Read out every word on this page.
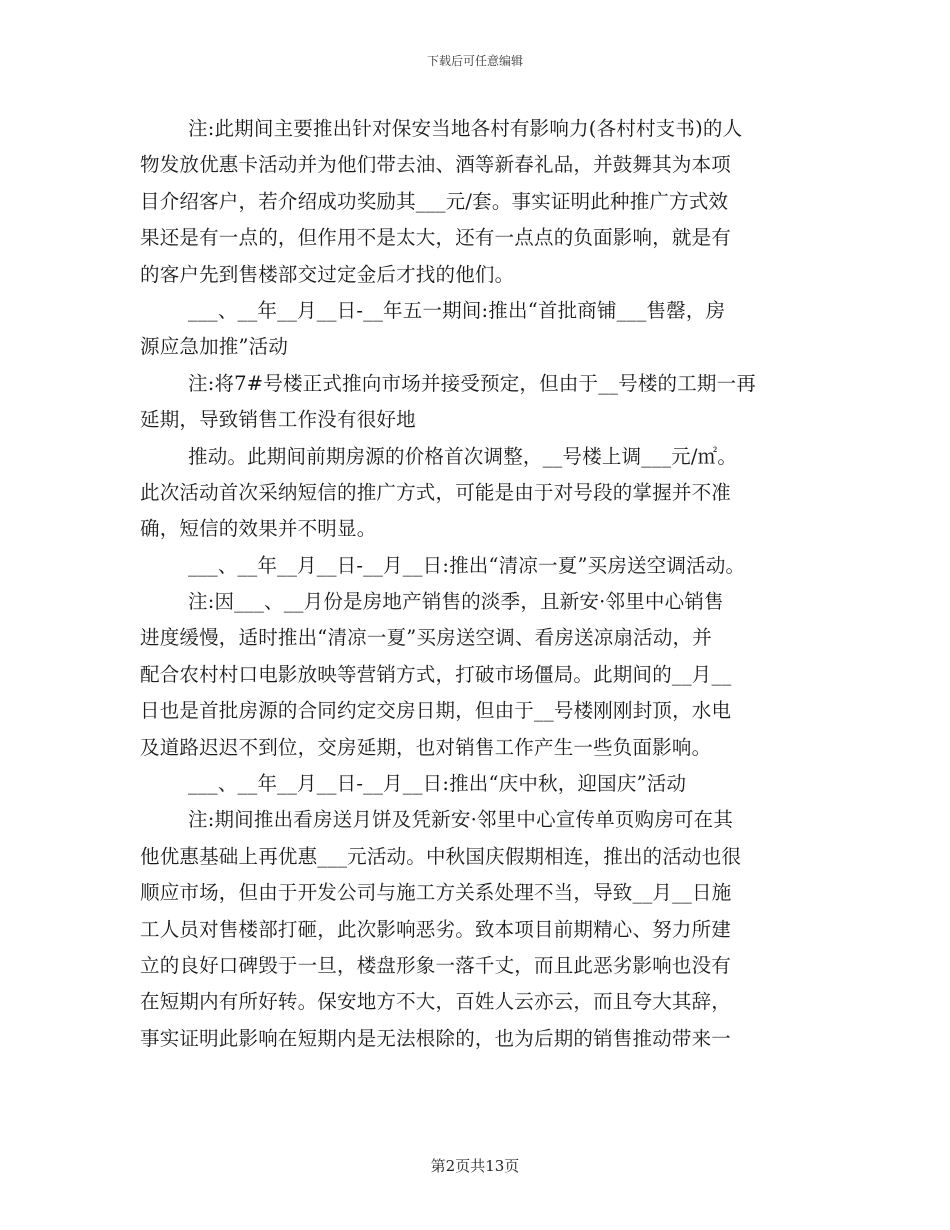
下载后可任意编辑
注:此期间主要推出针对保安当地各村有影响力(各村村支书)的人
物发放优惠卡活动并为他们带去油、酒等新春礼品，并鼓舞其为本项
目介绍客户，若介绍成功奖励其___元/套。事实证明此种推广方式效
果还是有一点的，但作用不是太大，还有一点点的负面影响，就是有
的客户先到售楼部交过定金后才找的他们。
___、__年__月__日-__年五一期间:推出“首批商铺___售罄，房
源应急加推”活动
注:将7#号楼正式推向市场并接受预定，但由于__号楼的工期一再
延期，导致销售工作没有很好地
推动。此期间前期房源的价格首次调整，__号楼上调___元/㎡。
此次活动首次采纳短信的推广方式，可能是由于对号段的掌握并不准
确，短信的效果并不明显。
___、__年__月__日-__月__日:推出“清凉一夏”买房送空调活动。
注:因___、__月份是房地产销售的淡季，且新安·邻里中心销售
进度缓慢，适时推出“清凉一夏”买房送空调、看房送凉扇活动，并
配合农村村口电影放映等营销方式，打破市场僵局。此期间的__月__
日也是首批房源的合同约定交房日期，但由于__号楼刚刚封顶，水电
及道路迟迟不到位，交房延期，也对销售工作产生一些负面影响。
___、__年__月__日-__月__日:推出“庆中秋，迎国庆”活动
注:期间推出看房送月饼及凭新安·邻里中心宣传单页购房可在其
他优惠基础上再优惠___元活动。中秋国庆假期相连，推出的活动也很
顺应市场，但由于开发公司与施工方关系处理不当，导致__月__日施
工人员对售楼部打砸，此次影响恶劣。致本项目前期精心、努力所建
立的良好口碑毁于一旦，楼盘形象一落千丈，而且此恶劣影响也没有
在短期内有所好转。保安地方不大，百姓人云亦云，而且夸大其辞，
事实证明此影响在短期内是无法根除的，也为后期的销售推动带来一
第2页共13页
